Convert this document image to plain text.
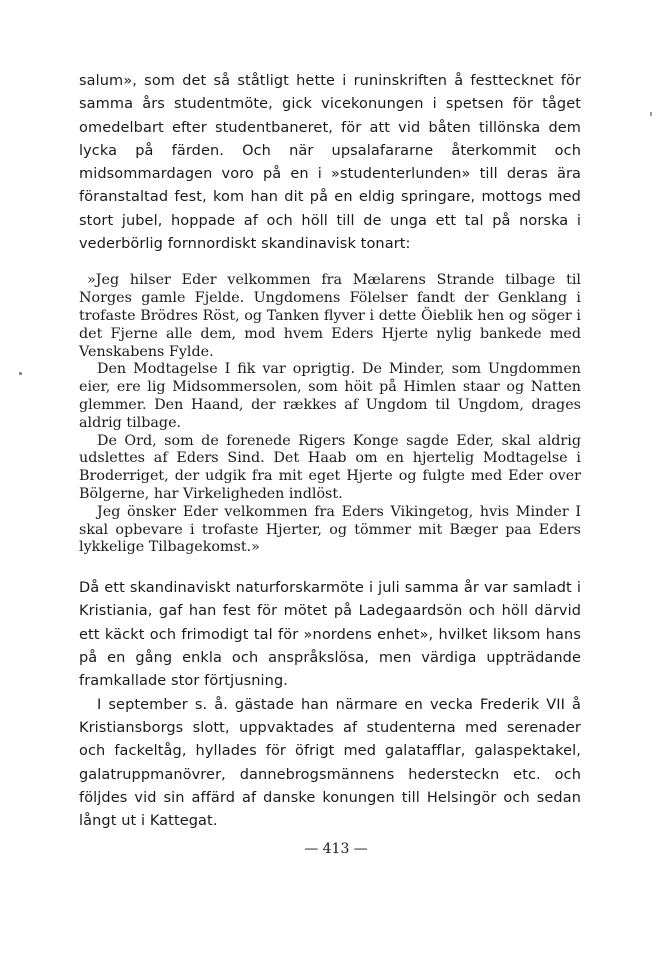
salum», som det så ståtligt hette i runinskriften å festtecknet för samma års studentmöte, gick vicekonungen i spetsen för tåget omedelbart efter studentbaneret, för att vid båten tillönska dem lycka på färden. Och när upsalafararne återkommit och midsommardagen voro på en i »studenterlunden» till deras ära föranstaltad fest, kom han dit på en eldig springare, mottogs med stort jubel, hoppade af och höll till de unga ett tal på norska i vederbörlig fornnordiskt skandinavisk tonart:

»Jeg hilser Eder velkommen fra Mælarens Strande tilbage til Norges gamle Fjelde. Ungdomens Fölelser fandt der Genklang i trofaste Brödres Röst, og Tanken flyver i dette Öieblik hen og söger i det Fjerne alle dem, mod hvem Eders Hjerte nylig bankede med Venskabens Fylde.

Den Modtagelse I fik var oprigtig. De Minder, som Ungdommen eier, ere lig Midsommersolen, som höit på Himlen staar og Natten glemmer. Den Haand, der rækkes af Ungdom til Ungdom, drages aldrig tilbage.

De Ord, som de forenede Rigers Konge sagde Eder, skal aldrig udslettes af Eders Sind. Det Haab om en hjertelig Modtagelse i Broderriget, der udgik fra mit eget Hjerte og fulgte med Eder over Bölgerne, har Virkeligheden indlöst.

Jeg önsker Eder velkommen fra Eders Vikingetog, hvis Minder I skal opbevare i trofaste Hjerter, og tömmer mit Bæger paa Eders lykkelige Tilbagekomst.»

Då ett skandinaviskt naturforskarmöte i juli samma år var samladt i Kristiania, gaf han fest för mötet på Ladegaardsön och höll därvid ett käckt och frimodigt tal för »nordens enhet», hvilket liksom hans på en gång enkla och anspråkslösa, men värdiga uppträdande framkallade stor förtjusning.

I september s. å. gästade han närmare en vecka Frederik VII å Kristiansborgs slott, uppvaktades af studenterna med serenader och fackeltåg, hyllades för öfrigt med galatafflar, galaspektakel, galatruppmanövrer, dannebrogsmännens hedersteckn etc. och följdes vid sin affärd af danske konungen till Helsingör och sedan långt ut i Kattegat.

— 413 —
